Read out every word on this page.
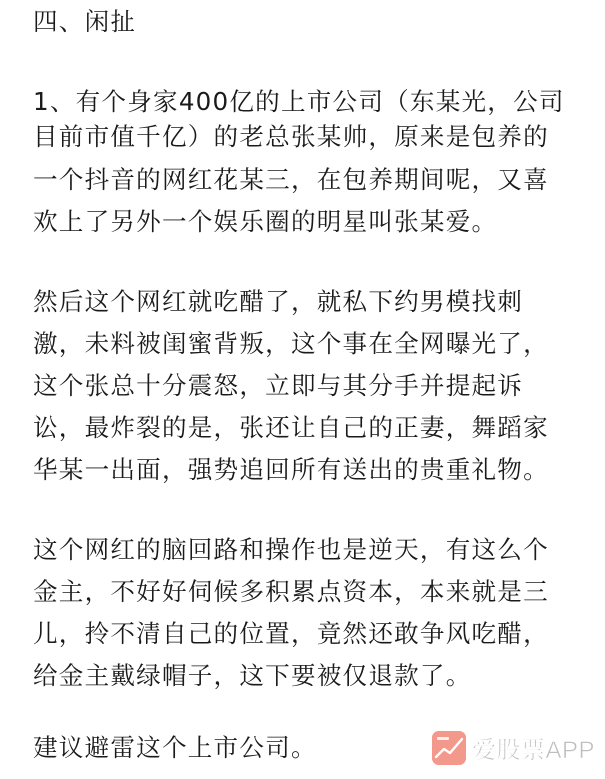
四、闲扯
1、有个身家400亿的上市公司（东某光，公司
目前市值千亿）的老总张某帅，原来是包养的
一个抖音的网红花某三，在包养期间呢，又喜
欢上了另外一个娱乐圈的明星叫张某爱。
然后这个网红就吃醋了，就私下约男模找刺
激，未料被闺蜜背叛，这个事在全网曝光了，
这个张总十分震怒，立即与其分手并提起诉
讼，最炸裂的是，张还让自己的正妻，舞蹈家
华某一出面，强势追回所有送出的贵重礼物。
这个网红的脑回路和操作也是逆天，有这么个
金主，不好好伺候多积累点资本，本来就是三
儿，拎不清自己的位置，竟然还敢争风吃醋，
给金主戴绿帽子，这下要被仅退款了。
建议避雷这个上市公司。	爱股票APP
